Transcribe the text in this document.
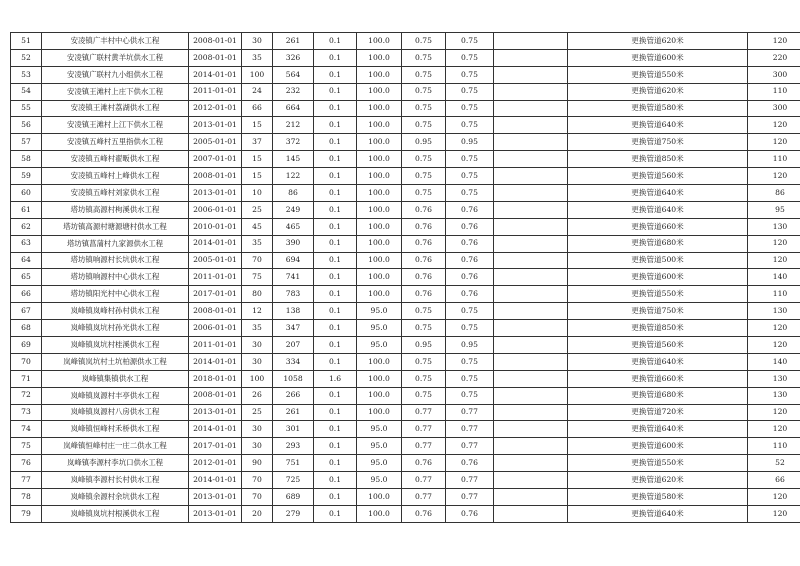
51	安凌镇广丰村中心供水工程	2008-01-01	30	261	0.1	100.0	0.75	0.75		更换管道620米	120
52	安凌镇广联村黄羊坑供水工程	2008-01-01	35	326	0.1	100.0	0.75	0.75		更换管道600米	220
53	安凌镇广联村九小组供水工程	2014-01-01	100	564	0.1	100.0	0.75	0.75		更换管道550米	300
54	安凌镇王滩村上庄下供水工程	2011-01-01	24	232	0.1	100.0	0.75	0.75		更换管道620米	110
55	安凌镇王滩村荔湖供水工程	2012-01-01	66	664	0.1	100.0	0.75	0.75		更换管道580米	300
56	安凌镇王滩村上江下供水工程	2013-01-01	15	212	0.1	100.0	0.75	0.75		更换管道640米	120
57	安凌镇五峰村五里指供水工程	2005-01-01	37	372	0.1	100.0	0.95	0.95		更换管道750米	120
58	安凌镇五峰村翟畈供水工程	2007-01-01	15	145	0.1	100.0	0.75	0.75		更换管道850米	110
59	安凌镇五峰村上峰供水工程	2008-01-01	15	122	0.1	100.0	0.75	0.75		更换管道560米	120
60	安凌镇五峰村刘家供水工程	2013-01-01	10	86	0.1	100.0	0.75	0.75		更换管道640米	86
61	塔坊镇高源村枸溪供水工程	2006-01-01	25	249	0.1	100.0	0.76	0.76		更换管道640米	95
62	塔坊镇高源村塘源塘村供水工程	2010-01-01	45	465	0.1	100.0	0.76	0.76		更换管道660米	130
63	塔坊镇菖蒲村九家源供水工程	2014-01-01	35	390	0.1	100.0	0.76	0.76		更换管道680米	120
64	塔坊镇响源村长坑供水工程	2005-01-01	70	694	0.1	100.0	0.76	0.76		更换管道500米	120
65	塔坊镇响源村中心供水工程	2011-01-01	75	741	0.1	100.0	0.76	0.76		更换管道600米	140
66	塔坊镇阳光村中心供水工程	2017-01-01	80	783	0.1	100.0	0.76	0.76		更换管道550米	110
67	岚峰镇岚峰村孙村供水工程	2008-01-01	12	138	0.1	95.0	0.75	0.75		更换管道750米	130
68	岚峰镇岚坑村孙光供水工程	2006-01-01	35	347	0.1	95.0	0.75	0.75		更换管道850米	120
69	岚峰镇岚坑村桂溪供水工程	2011-01-01	30	207	0.1	95.0	0.95	0.95		更换管道560米	120
70	岚峰镇岚坑村土坑柏源供水工程	2014-01-01	30	334	0.1	100.0	0.75	0.75		更换管道640米	140
71	岚峰镇集镇供水工程	2018-01-01	100	1058	1.6	100.0	0.75	0.75		更换管道660米	130
72	岚峰镇岚源村丰亭供水工程	2008-01-01	26	266	0.1	100.0	0.75	0.75		更换管道680米	130
73	岚峰镇岚源村八房供水工程	2013-01-01	25	261	0.1	100.0	0.77	0.77		更换管道720米	120
74	岚峰镇恒峰村禾桥供水工程	2014-01-01	30	301	0.1	95.0	0.77	0.77		更换管道640米	120
75	岚峰镇恒峰村庄一庄二供水工程	2017-01-01	30	293	0.1	95.0	0.77	0.77		更换管道600米	110
76	岚峰镇李源村李坑口供水工程	2012-01-01	90	751	0.1	95.0	0.76	0.76		更换管道550米	52
77	岚峰镇李源村长村供水工程	2014-01-01	70	725	0.1	95.0	0.77	0.77		更换管道620米	66
78	岚峰镇余源村余坑供水工程	2013-01-01	70	689	0.1	100.0	0.77	0.77		更换管道580米	120
79	岚峰镇岚坑村根溪供水工程	2013-01-01	20	279	0.1	100.0	0.76	0.76		更换管道640米	120
